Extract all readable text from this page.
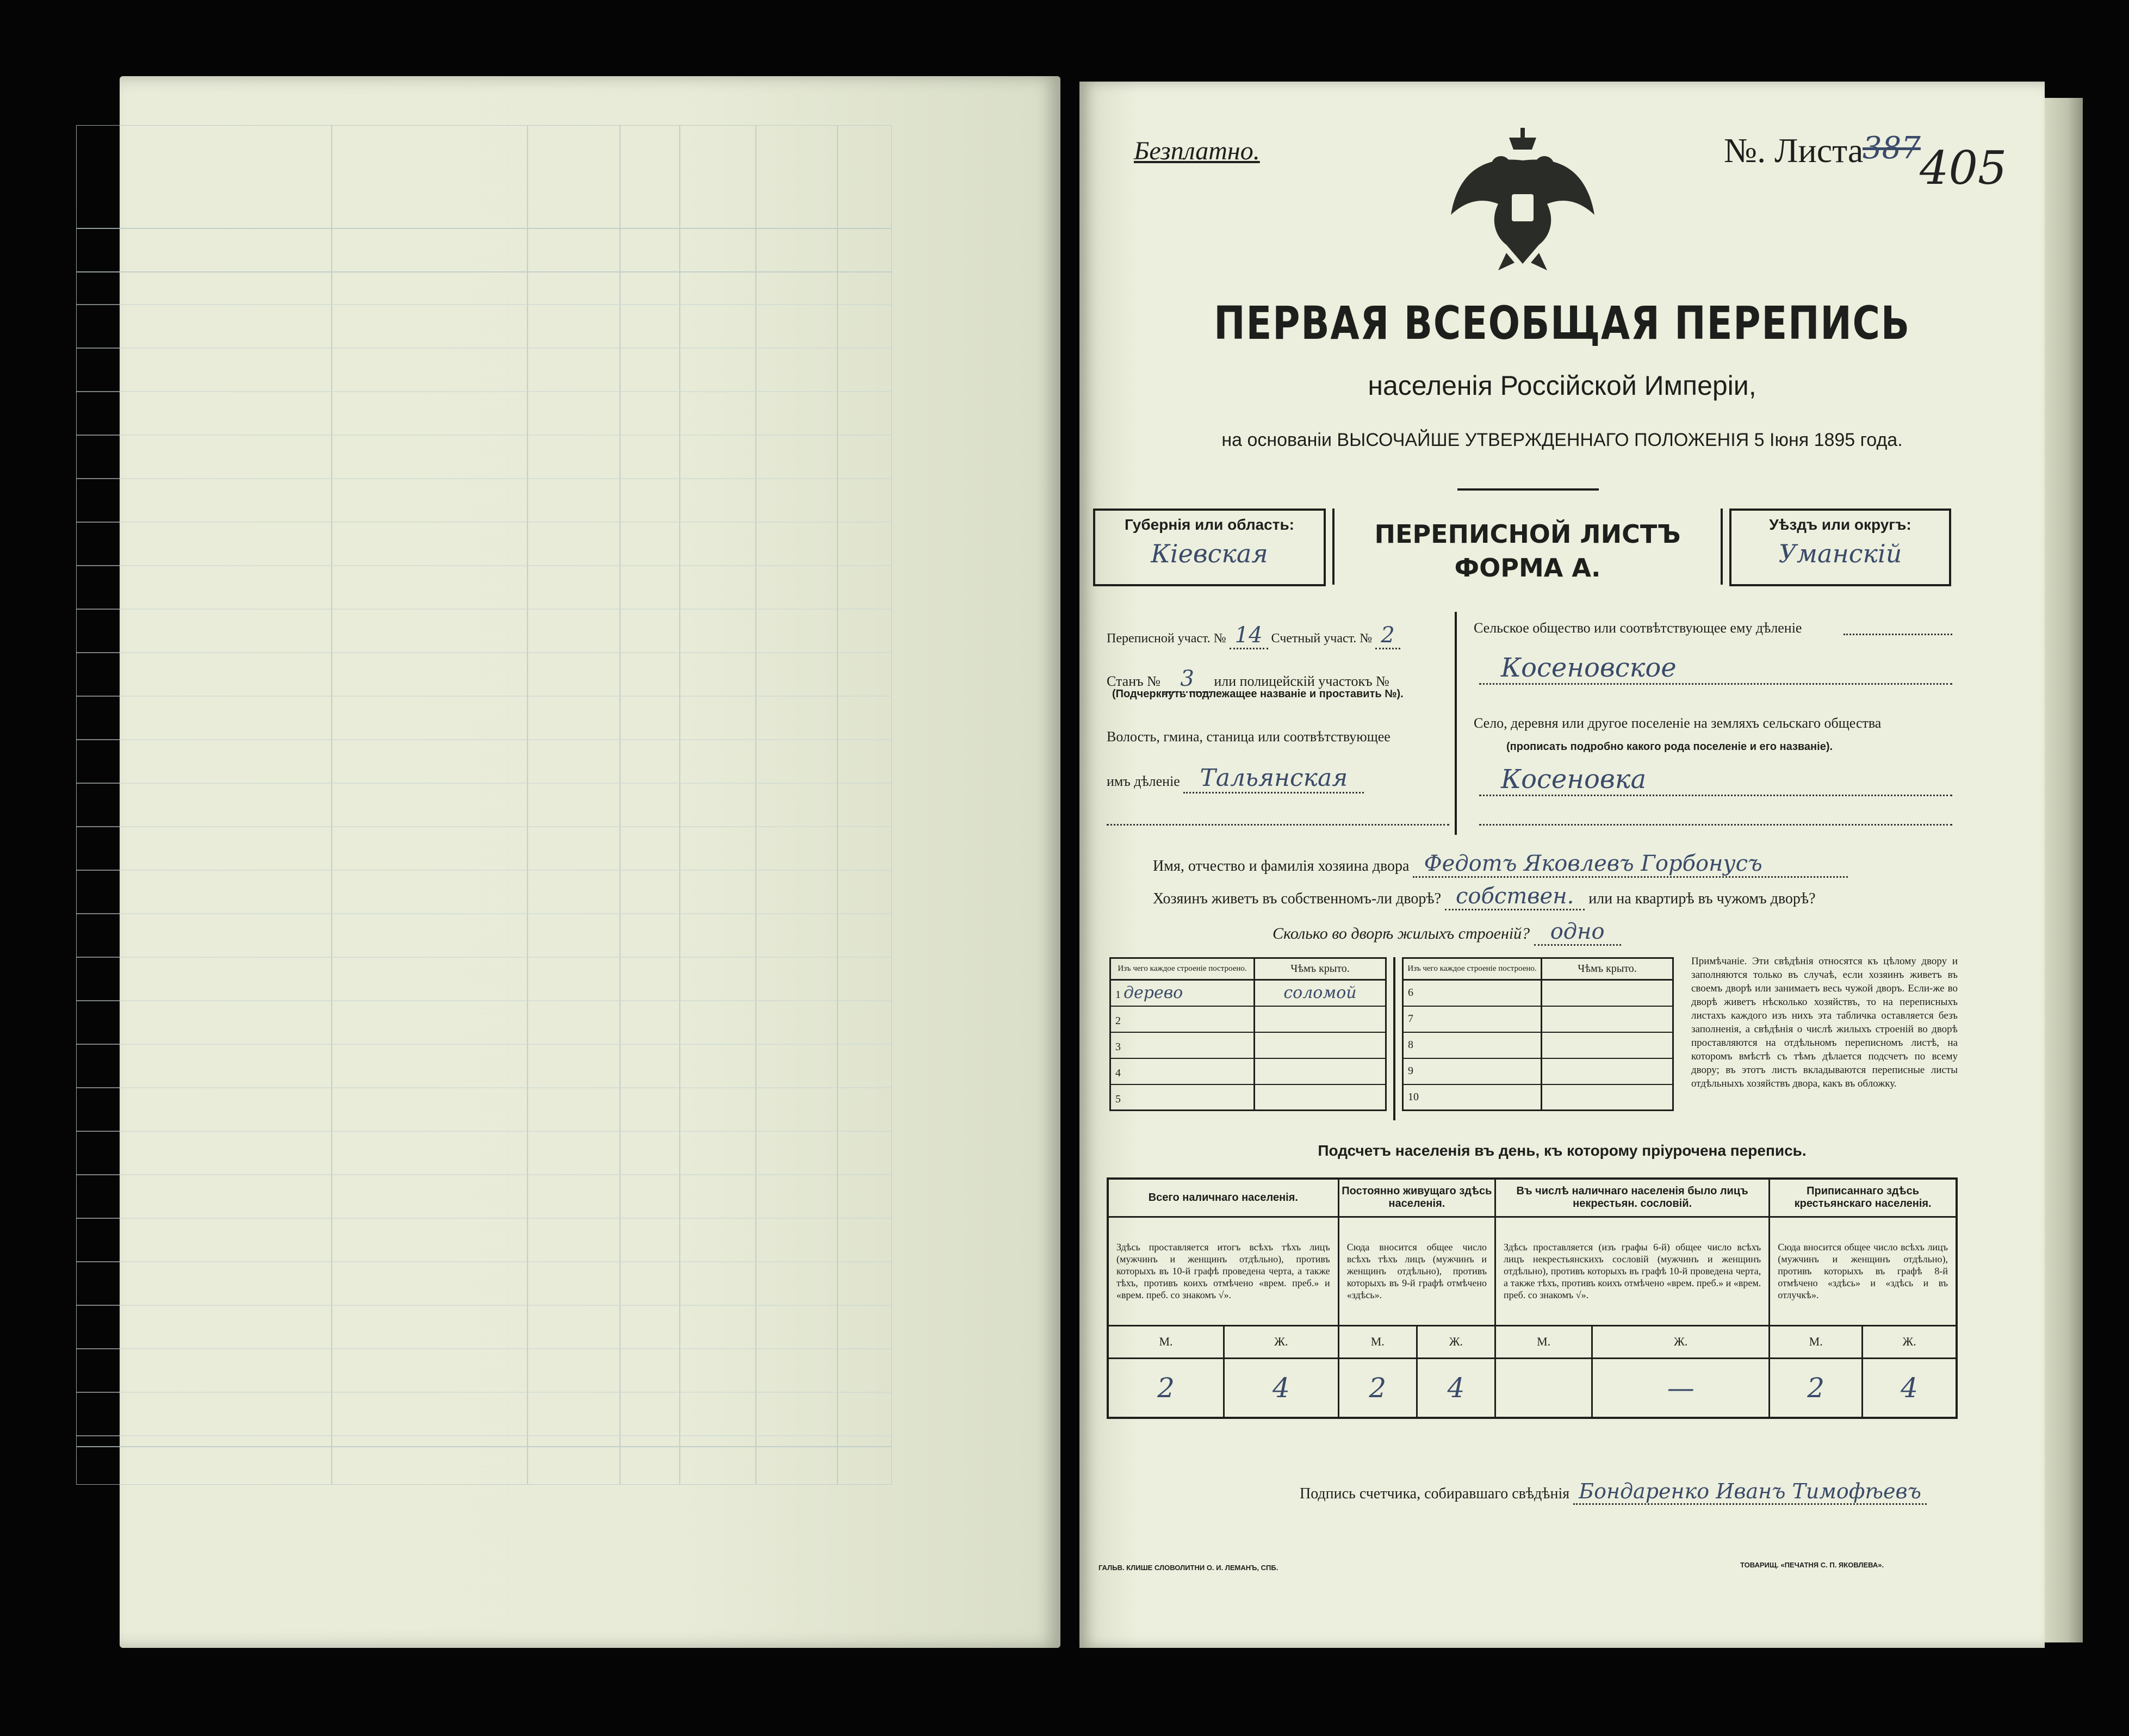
Безплатно.	№. Листа
387
405
ПЕРВАЯ ВСЕОБЩАЯ ПЕРЕПИСЬ
населенія Россійской Имперіи,
на основаніи ВЫСОЧАЙШЕ УТВЕРЖДЕННАГО ПОЛОЖЕНІЯ 5 Іюня 1895 года.
Губернія или область:
Кіевская
ПЕРЕПИСНОЙ ЛИСТЪ
ФОРМА А.
Уѣздъ или округъ:
Уманскій
Переписной участ. № 14 Счетный участ. № 2
Станъ № 3 или полицейскій участокъ №
(Подчеркнуть подлежащее названіе и проставить №).
Волость, гмина, станица или соотвѣтствующее
имъ дѣленіе Тальянская
Сельское общество или соотвѣтствующее ему дѣленіе
Косеновское
Село, деревня или другое поселеніе на земляхъ сельскаго общества
(прописать подробно какого рода поселеніе и его названіе).
Косеновка
Имя, отчество и фамилія хозяина двора Федотъ Яковлевъ Горбонусъ
Хозяинъ живетъ въ собственномъ-ли дворѣ? собствен. или на квартирѣ въ чужомъ дворѣ?
Сколько во дворѣ жилыхъ строеній? одно
Изъ чего каждое строеніе построено.	Чѣмъ крыто.
1 дерево	соломой
2	
3	
4	
5	
Изъ чего каждое строеніе построено.	Чѣмъ крыто.
6	
7	
8	
9	
10	
Примѣчаніе. Эти свѣдѣнія относятся къ цѣлому двору и заполняются только въ случаѣ, если хозяинъ живетъ въ своемъ дворѣ или занимаетъ весь чужой дворъ. Если-же во дворѣ живетъ нѣсколько хозяйствъ, то на переписныхъ листахъ каждого изъ нихъ эта табличка оставляется безъ заполненія, а свѣдѣнія о числѣ жилыхъ строеній во дворѣ проставляются на отдѣльномъ переписномъ листѣ, на которомъ вмѣстѣ съ тѣмъ дѣлается подсчетъ по всему двору; въ этотъ листъ вкладываются переписные листы отдѣльныхъ хозяйствъ двора, какъ въ обложку.
Подсчетъ населенія въ день, къ которому пріурочена перепись.
Всего наличнаго населенія.		Постоянно живущаго здѣсь населенія.		Въ числѣ наличнаго населенія было лицъ некрестьян. сословій.		Приписаннаго здѣсь крестьянскаго населенія.	
Здѣсь проставляется итогъ всѣхъ тѣхъ лицъ (мужчинъ и женщинъ отдѣльно), противъ которыхъ въ 10-й графѣ проведена черта, а также тѣхъ, противъ коихъ отмѣчено «врем. преб.» и «врем. преб. со знакомъ √».		Сюда вносится общее число всѣхъ тѣхъ лицъ (мужчинъ и женщинъ отдѣльно), противъ которыхъ въ 9-й графѣ отмѣчено «здѣсь».		Здѣсь проставляется (изъ графы 6-й) общее число всѣхъ лицъ некрестьянскихъ сословій (мужчинъ и женщинъ отдѣльно), противъ которыхъ въ графѣ 10-й проведена черта, а также тѣхъ, противъ коихъ отмѣчено «врем. преб.» и «врем. преб. со знакомъ √».		Сюда вносится общее число всѣхъ лицъ (мужчинъ и женщинъ отдѣльно), противъ которыхъ въ графѣ 8-й отмѣчено «здѣсь» и «здѣсь и въ отлучкѣ».	
М.	Ж.	М.	Ж.	М.	Ж.	М.	Ж.
2	4	2	4		—	2	4
Подпись счетчика, собиравшаго свѣдѣнія Бондаренко Иванъ Тимофѣевъ
ГАЛЬВ. КЛИШЕ СЛОВОЛИТНИ О. И. ЛЕМАНЪ, СПБ.	ТОВАРИЩ. «ПЕЧАТНЯ С. П. ЯКОВЛЕВА».
